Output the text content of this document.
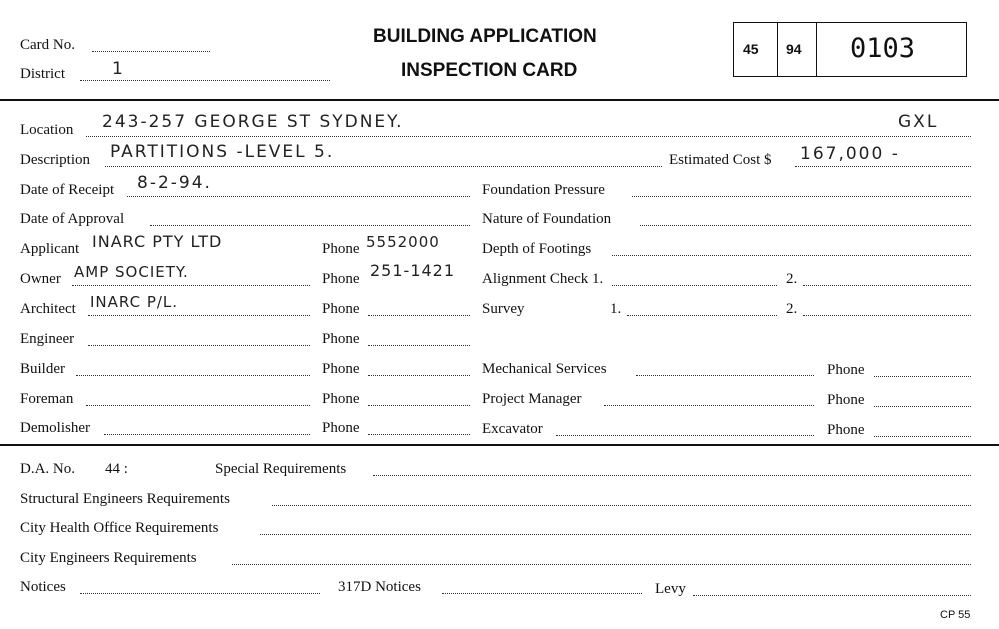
Card No.
District	1
BUILDING APPLICATION
INSPECTION CARD
45 94 0103
Location 243-257 GEORGE ST SYDNEY.	GXL
Description PARTITIONS -LEVEL 5.	Estimated Cost $ 167,000 -
Date of Receipt 8-2-94.	Foundation Pressure
Date of Approval	Nature of Foundation
Applicant INARC PTY LTD	Phone 5552000	Depth of Footings
Owner AMP SOCIETY.	Phone 251-1421 Alignment Check 1.	2.
Architect INARC P/L.	Phone	Survey	1.	2.
Engineer	Phone
Builder	Phone	Mechanical Services	Phone
Foreman	Phone	Project Manager	Phone
Demolisher	Phone	Excavator	Phone
D.A. No. 44 :	Special Requirements
Structural Engineers Requirements
City Health Office Requirements
City Engineers Requirements
Notices	317D Notices	Levy
CP 55
